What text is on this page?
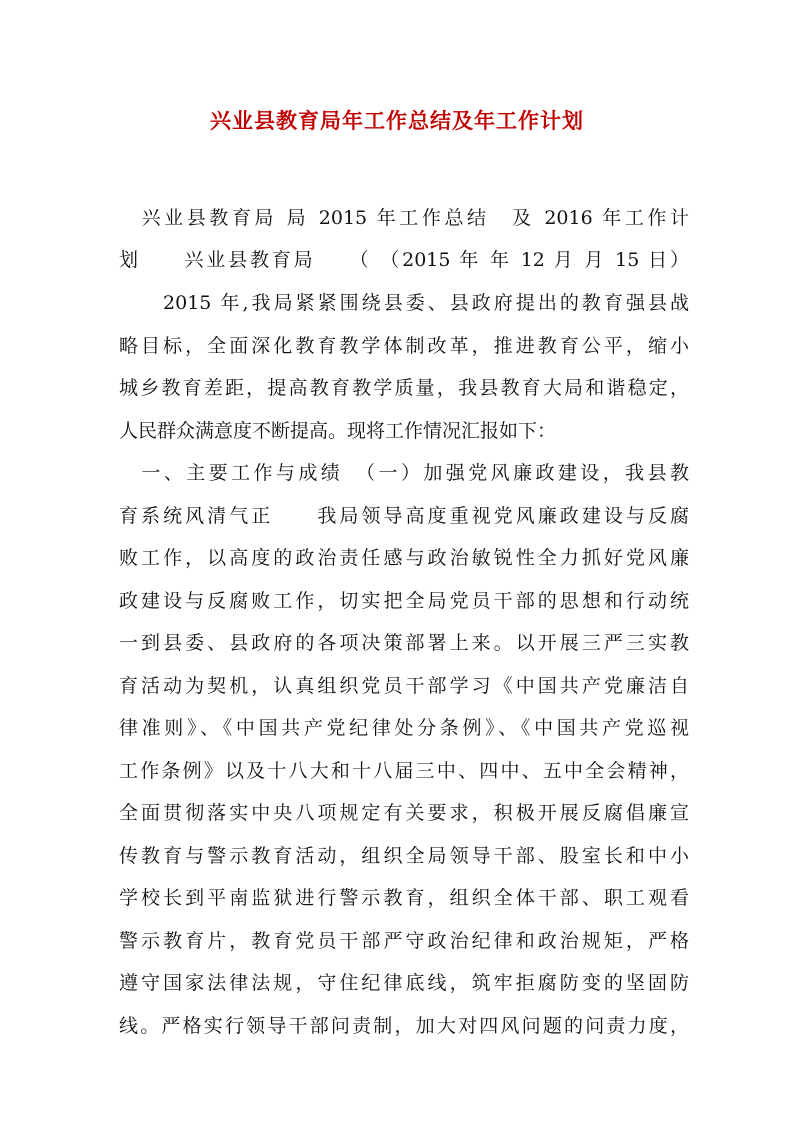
兴业县教育局年工作总结及年工作计划
　兴业县教育局 局 2015 年工作总结　及 2016 年工作计
划　　兴业县教育局　　（ （2015 年 年 12 月 月 15 日）
　　2015 年,我局紧紧围绕县委、县政府提出的教育强县战
略目标，全面深化教育教学体制改革，推进教育公平，缩小
城乡教育差距，提高教育教学质量，我县教育大局和谐稳定，
人民群众满意度不断提高。现将工作情况汇报如下：
　一、主要工作与成绩　（一）加强党风廉政建设，我县教
育系统风清气正　　我局领导高度重视党风廉政建设与反腐
败工作，以高度的政治责任感与政治敏锐性全力抓好党风廉
政建设与反腐败工作，切实把全局党员干部的思想和行动统
一到县委、县政府的各项决策部署上来。以开展三严三实教
育活动为契机，认真组织党员干部学习《中国共产党廉洁自
律准则》、《中国共产党纪律处分条例》、《中国共产党巡视
工作条例》以及十八大和十八届三中、四中、五中全会精神，
全面贯彻落实中央八项规定有关要求，积极开展反腐倡廉宣
传教育与警示教育活动，组织全局领导干部、股室长和中小
学校长到平南监狱进行警示教育，组织全体干部、职工观看
警示教育片，教育党员干部严守政治纪律和政治规矩，严格
遵守国家法律法规，守住纪律底线，筑牢拒腐防变的坚固防
线。严格实行领导干部问责制，加大对四风问题的问责力度，
